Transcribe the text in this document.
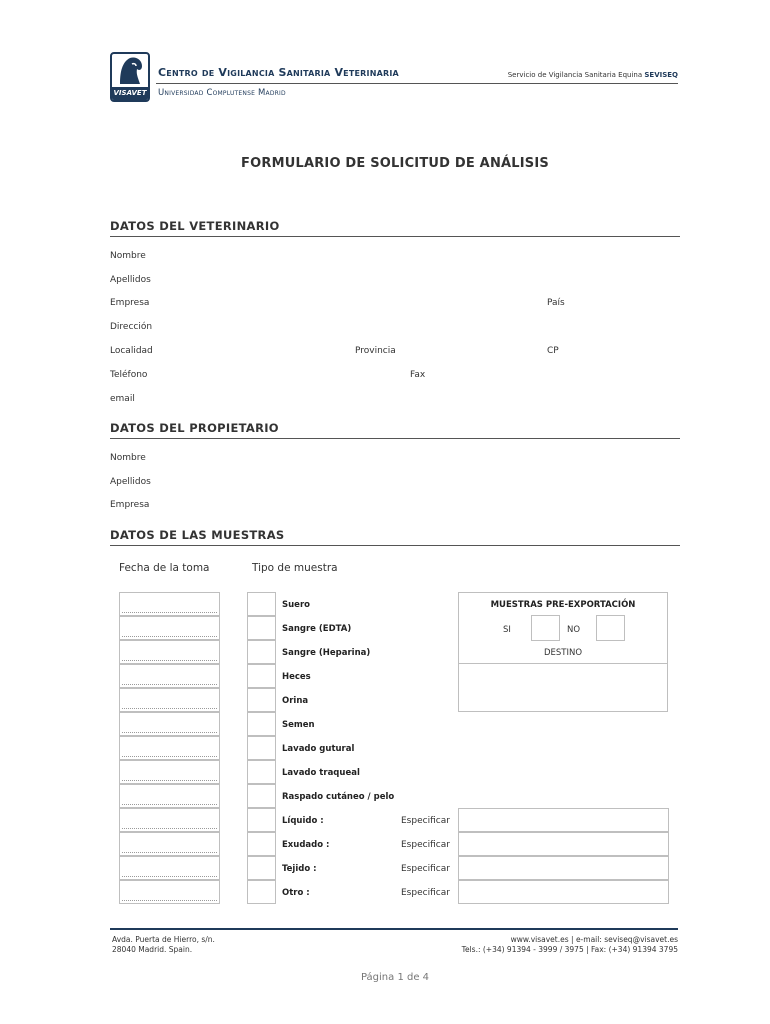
VISAVET
Centro de Vigilancia Sanitaria Veterinaria
Universidad Complutense Madrid
Servicio de Vigilancia Sanitaria Equina SEVISEQ
FORMULARIO DE SOLICITUD DE ANÁLISIS
DATOS DEL VETERINARIO
Nombre
Apellidos
Empresa	País
Dirección
Localidad	Provincia	CP
Teléfono	Fax
email
DATOS DEL PROPIETARIO
Nombre
Apellidos
Empresa
DATOS DE LAS MUESTRAS
Fecha de la toma	Tipo de muestra
Suero
Sangre (EDTA)
Sangre (Heparina)
Heces
Orina
Semen
Lavado gutural
Lavado traqueal
Raspado cutáneo / pelo
Líquido :	Especificar
Exudado :	Especificar
Tejido :	Especificar
Otro :	Especificar
MUESTRAS PRE-EXPORTACIÓN
SI	NO
DESTINO
Avda. Puerta de Hierro, s/n.
28040 Madrid. Spain.
www.visavet.es | e-mail: seviseq@visavet.es
Tels.: (+34) 91394 - 3999 / 3975 | Fax: (+34) 91394 3795
Página 1 de 4
